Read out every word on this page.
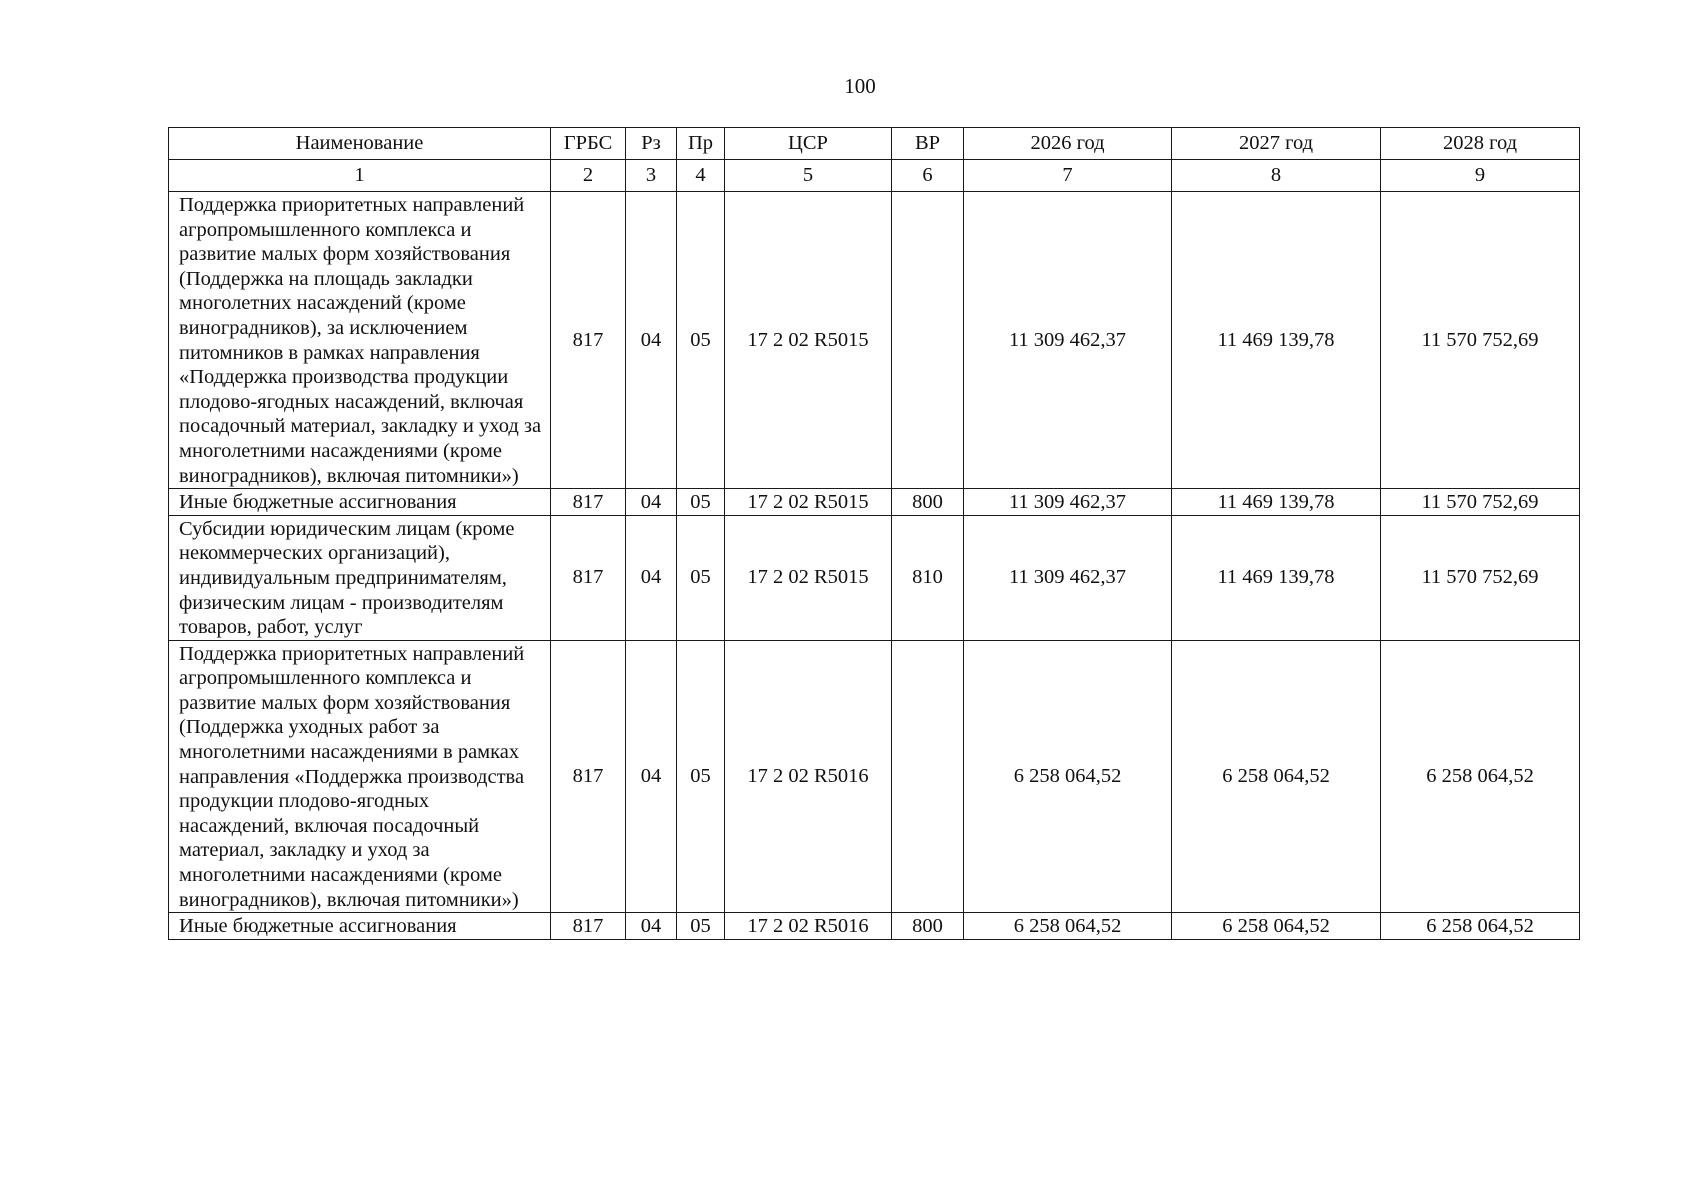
100
Наименование	ГРБС	Рз	Пр	ЦСР	ВР	2026 год	2027 год	2028 год
1	2	3	4	5	6	7	8	9
Поддержка приоритетных направлений агропромышленного комплекса и развитие малых форм хозяйствования (Поддержка на площадь закладки многолетних насаждений (кроме виноградников), за исключением питомников в рамках направления «Поддержка производства продукции плодово-ягодных насаждений, включая посадочный материал, закладку и уход за многолетними насаждениями (кроме виноградников), включая питомники»)	817	04	05	17 2 02 R5015		11 309 462,37	11 469 139,78	11 570 752,69
Иные бюджетные ассигнования	817	04	05	17 2 02 R5015	800	11 309 462,37	11 469 139,78	11 570 752,69
Субсидии юридическим лицам (кроме некоммерческих организаций), индивидуальным предпринимателям, физическим лицам - производителям товаров, работ, услуг	817	04	05	17 2 02 R5015	810	11 309 462,37	11 469 139,78	11 570 752,69
Поддержка приоритетных направлений агропромышленного комплекса и развитие малых форм хозяйствования (Поддержка уходных работ за многолетними насаждениями в рамках направления «Поддержка производства продукции плодово-ягодных насаждений, включая посадочный материал, закладку и уход за многолетними насаждениями (кроме виноградников), включая питомники»)	817	04	05	17 2 02 R5016		6 258 064,52	6 258 064,52	6 258 064,52
Иные бюджетные ассигнования	817	04	05	17 2 02 R5016	800	6 258 064,52	6 258 064,52	6 258 064,52
